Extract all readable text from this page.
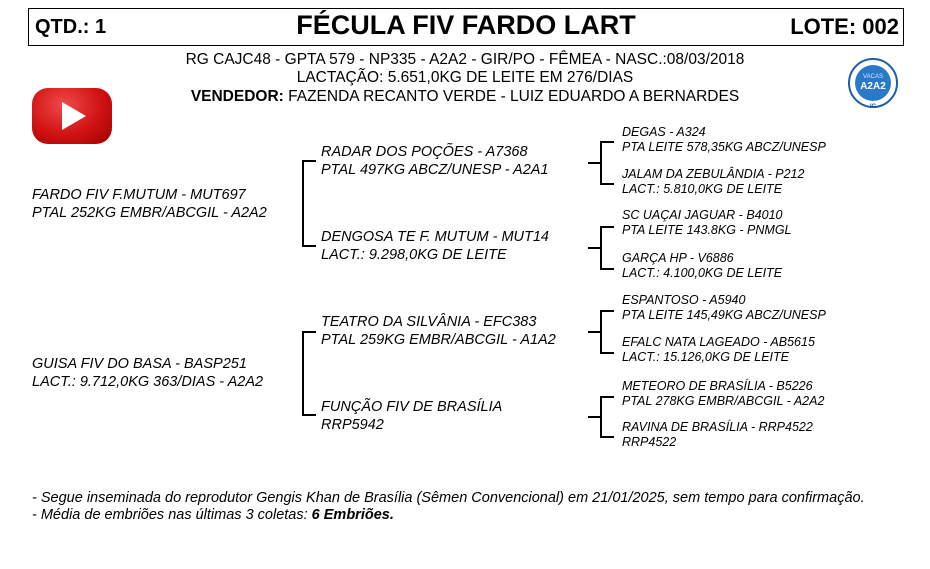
QTD.: 1	FÉCULA FIV FARDO LART	LOTE: 002
RG CAJC48 - GPTA 579 - NP335 - A2A2 - GIR/PO - FÊMEA - NASC.:08/03/2018
LACTAÇÃO: 5.651,0KG DE LEITE EM 276/DIAS
VENDEDOR: FAZENDA RECANTO VERDE - LUIZ EDUARDO A BERNARDES
VACAS
A2A2
IC
FARDO FIV F.MUTUM - MUT697
PTAL 252KG EMBR/ABCGIL - A2A2
GUISA FIV DO BASA - BASP251
LACT.: 9.712,0KG 363/DIAS - A2A2
RADAR DOS POÇÕES - A7368
PTAL 497KG ABCZ/UNESP - A2A1
DENGOSA TE F. MUTUM - MUT14
LACT.: 9.298,0KG DE LEITE
TEATRO DA SILVÂNIA - EFC383
PTAL 259KG EMBR/ABCGIL - A1A2
FUNÇÃO FIV DE BRASÍLIA
RRP5942
DEGAS - A324
PTA LEITE 578,35KG ABCZ/UNESP
JALAM DA ZEBULÂNDIA - P212
LACT.: 5.810,0KG DE LEITE
SC UAÇAI JAGUAR - B4010
PTA LEITE 143.8KG - PNMGL
GARÇA HP - V6886
LACT.: 4.100,0KG DE LEITE
ESPANTOSO - A5940
PTA LEITE 145,49KG ABCZ/UNESP
EFALC NATA LAGEADO - AB5615
LACT.: 15.126,0KG DE LEITE
METEORO DE BRASÍLIA - B5226
PTAL 278KG EMBR/ABCGIL - A2A2
RAVINA DE BRASÍLIA - RRP4522
RRP4522
- Segue inseminada do reprodutor Gengis Khan de Brasília (Sêmen Convencional) em 21/01/2025, sem tempo para confirmação.
- Média de embriões nas últimas 3 coletas: 6 Embriões.
